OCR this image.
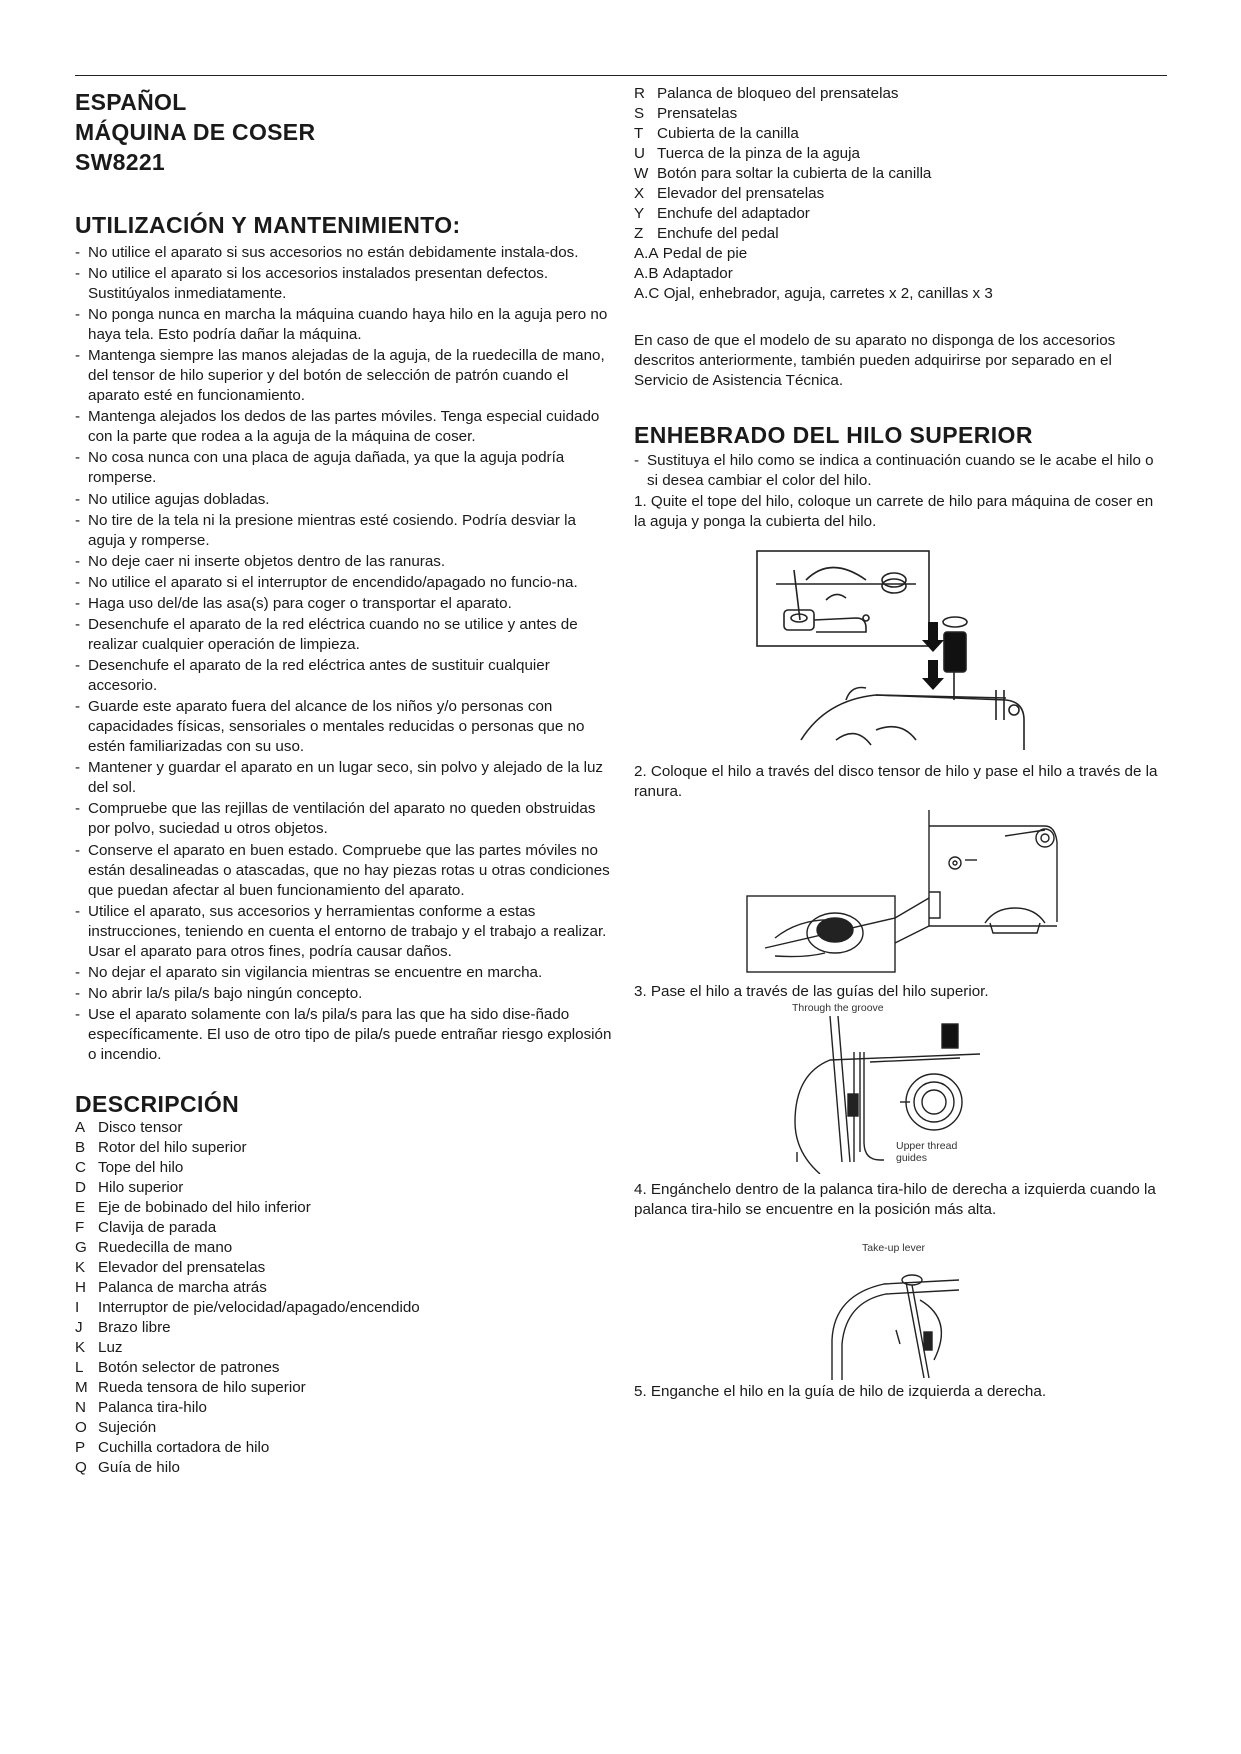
ESPAÑOL
MÁQUINA DE COSER
SW8221
UTILIZACIÓN Y MANTENIMIENTO:
- No utilice el aparato si sus accesorios no están debidamente instala-dos.
- No utilice el aparato si los accesorios instalados presentan defectos. Sustitúyalos inmediatamente.
- No ponga nunca en marcha la máquina cuando haya hilo en la aguja pero no haya tela. Esto podría dañar la máquina.
- Mantenga siempre las manos alejadas de la aguja, de la ruedecilla de mano, del tensor de hilo superior y del botón de selección de patrón cuando el aparato esté en funcionamiento.
- Mantenga alejados los dedos de las partes móviles. Tenga especial cuidado con la parte que rodea a la aguja de la máquina de coser.
- No cosa nunca con una placa de aguja dañada, ya que la aguja podría romperse.
- No utilice agujas dobladas.
- No tire de la tela ni la presione mientras esté cosiendo. Podría desviar la aguja y romperse.
- No deje caer ni inserte objetos dentro de las ranuras.
- No utilice el aparato si el interruptor de encendido/apagado no funcio-na.
- Haga uso del/de las asa(s) para coger o transportar el aparato.
- Desenchufe el aparato de la red eléctrica cuando no se utilice y antes de realizar cualquier operación de limpieza.
- Desenchufe el aparato de la red eléctrica antes de sustituir cualquier accesorio.
- Guarde este aparato fuera del alcance de los niños y/o personas con capacidades físicas, sensoriales o mentales reducidas o personas que no estén familiarizadas con su uso.
- Mantener y guardar el aparato en un lugar seco, sin polvo y alejado de la luz del sol.
- Compruebe que las rejillas de ventilación del aparato no queden obstruidas por polvo, suciedad u otros objetos.
- Conserve el aparato en buen estado. Compruebe que las partes móviles no están desalineadas o atascadas, que no hay piezas rotas u otras condiciones que puedan afectar al buen funcionamiento del aparato.
- Utilice el aparato, sus accesorios y herramientas conforme a estas instrucciones, teniendo en cuenta el entorno de trabajo y el trabajo a realizar. Usar el aparato para otros fines, podría causar daños.
- No dejar el aparato sin vigilancia mientras se encuentre en marcha.
- No abrir la/s pila/s bajo ningún concepto.
- Use el aparato solamente con la/s pila/s para las que ha sido dise-ñado específicamente. El uso de otro tipo de pila/s puede entrañar riesgo explosión o incendio.
DESCRIPCIÓN
A Disco tensor
B Rotor del hilo superior
C Tope del hilo
D Hilo superior
E Eje de bobinado del hilo inferior
F Clavija de parada
G Ruedecilla de mano
K Elevador del prensatelas
H Palanca de marcha atrás
I	Interruptor de pie/velocidad/apagado/encendido
J	Brazo libre
K Luz
L Botón selector de patrones
M Rueda tensora de hilo superior
N Palanca tira-hilo
O Sujeción
P Cuchilla cortadora de hilo
Q Guía de hilo
R Palanca de bloqueo del prensatelas
S Prensatelas
T Cubierta de la canilla
U Tuerca de la pinza de la aguja
W Botón para soltar la cubierta de la canilla
X Elevador del prensatelas
Y Enchufe del adaptador
Z Enchufe del pedal
A.A
Pedal de pie
A.B
Adaptador
A.C
Ojal, enhebrador, aguja, carretes x 2, canillas x 3

En caso de que el modelo de su aparato no disponga de los accesorios descritos anteriormente, también pueden adquirirse por separado en el Servicio de Asistencia Técnica.

ENHEBRADO DEL HILO SUPERIOR
- Sustituya el hilo como se indica a continuación cuando se le acabe el hilo o si desea cambiar el color del hilo.

1. Quite el tope del hilo, coloque un carrete de hilo para máquina de coser en la aguja y ponga la cubierta del hilo.

2. Coloque el hilo a través del disco tensor de hilo y pase el hilo a través de la ranura.

3. Pase el hilo a través de las guías del hilo superior.

Through the groove
Upper thread guides

4. Engánchelo dentro de la palanca tira-hilo de derecha a izquierda cuando la palanca tira-hilo se encuentre en la posición más alta.

Take-up lever

5. Enganche el hilo en la guía de hilo de izquierda a derecha.
